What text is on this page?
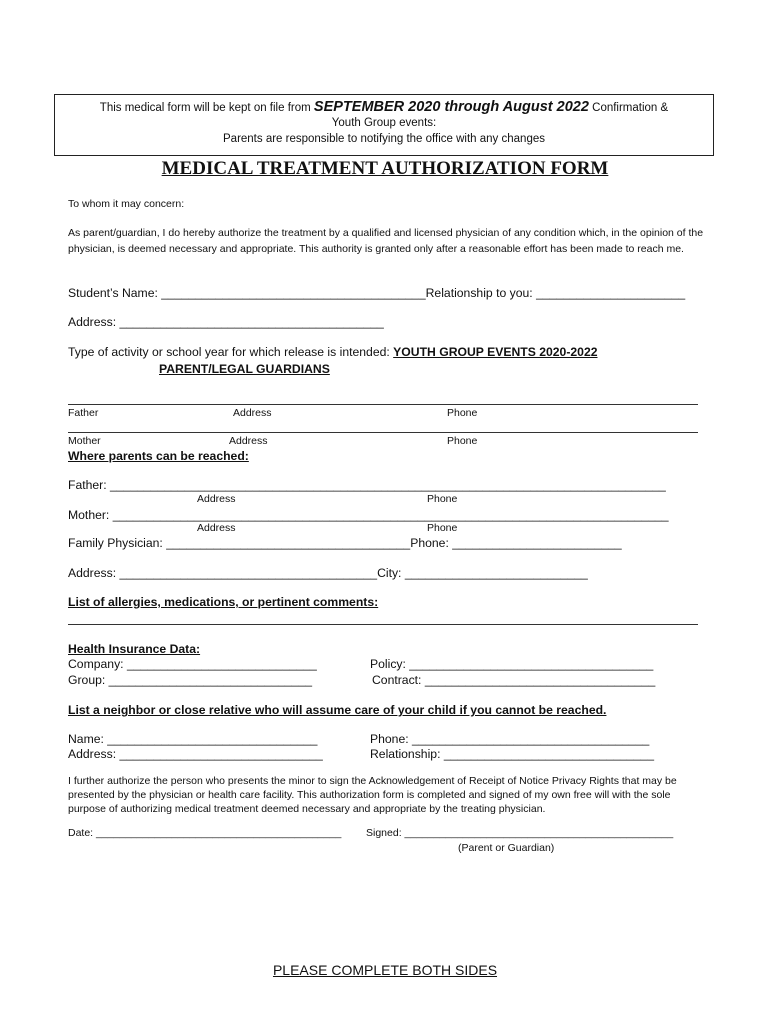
This medical form will be kept on file from SEPTEMBER 2020 through August 2022 Confirmation &
Youth Group events:
Parents are responsible to notifying the office with any changes
MEDICAL TREATMENT AUTHORIZATION FORM
To whom it may concern:
As parent/guardian, I do hereby authorize the treatment by a qualified and licensed physician of any condition which, in the opinion of the physician, is deemed necessary and appropriate. This authority is granted only after a reasonable effort has been made to reach me.
Student’s Name: _______________________________________Relationship to you: ______________________
Address: _______________________________________
Type of activity or school year for which release is intended: YOUTH GROUP EVENTS 2020-2022
PARENT/LEGAL GUARDIANS
Father	Address	Phone
Mother	Address	Phone
Where parents can be reached:
Father: __________________________________________________________________________________
Address	Phone
Mother: __________________________________________________________________________________
Address	Phone
Family Physician: ____________________________________Phone: _________________________
Address: ______________________________________City: ___________________________
List of allergies, medications, or pertinent comments:
Health Insurance Data:
Company: ____________________________	Policy: ____________________________________
Group: ______________________________	Contract: __________________________________
List a neighbor or close relative who will assume care of your child if you cannot be reached.
Name: _______________________________	Phone: ___________________________________
Address: ______________________________	Relationship: _______________________________
I further authorize the person who presents the minor to sign the Acknowledgement of Receipt of Notice Privacy Rights that may be presented by the physician or health care facility. This authorization form is completed and signed of my own free will with the sole purpose of authorizing medical treatment deemed necessary and appropriate by the treating physician.
Date: __________________________________________ Signed: ______________________________________________
(Parent or Guardian)
PLEASE COMPLETE BOTH SIDES
